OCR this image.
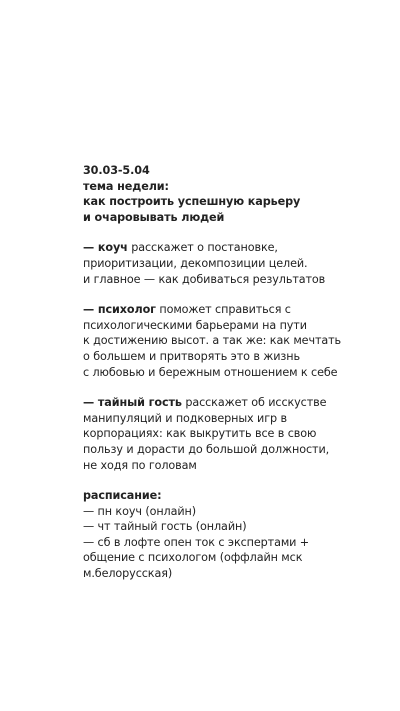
30.03-5.04
тема недели:
как построить успешную карьеру
и очаровывать людей
— коуч расскажет о постановке,
приоритизации, декомпозиции целей.
и главное — как добиваться результатов
— психолог поможет справиться с
психологическими барьерами на пути
к достижению высот. а так же: как мечтать
о большем и притворять это в жизнь
с любовью и бережным отношением к себе
— тайный гость расскажет об исскустве
манипуляций и подковерных игр в
корпорациях: как выкрутить все в свою
пользу и дорасти до большой должности,
не ходя по головам
расписание:
— пн коуч (онлайн)
— чт тайный гость (онлайн)
— сб в лофте опен ток с экспертами +
общение с психологом (оффлайн мск
м.белорусская)
